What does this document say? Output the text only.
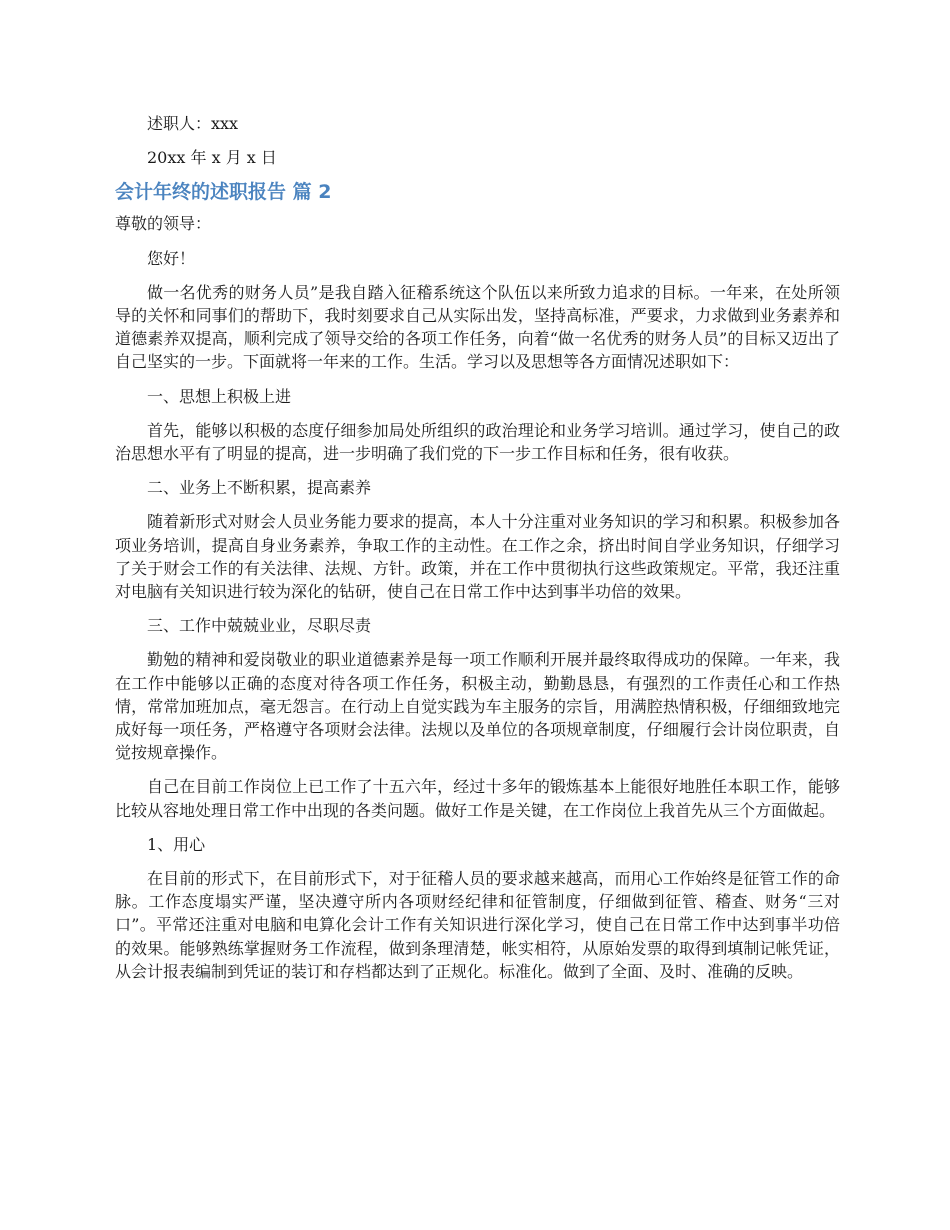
述职人：xxx

20xx 年 x 月 x 日

会计年终的述职报告 篇 2

尊敬的领导：

您好！

做一名优秀的财务人员”是我自踏入征稽系统这个队伍以来所致力追求的目标。一年来，在处所领导的关怀和同事们的帮助下，我时刻要求自己从实际出发，坚持高标准，严要求，力求做到业务素养和道德素养双提高，顺利完成了领导交给的各项工作任务，向着“做一名优秀的财务人员”的目标又迈出了自己坚实的一步。下面就将一年来的工作。生活。学习以及思想等各方面情况述职如下：

一、思想上积极上进

首先，能够以积极的态度仔细参加局处所组织的政治理论和业务学习培训。通过学习，使自己的政治思想水平有了明显的提高，进一步明确了我们党的下一步工作目标和任务，很有收获。

二、业务上不断积累，提高素养

随着新形式对财会人员业务能力要求的提高，本人十分注重对业务知识的学习和积累。积极参加各项业务培训，提高自身业务素养，争取工作的主动性。在工作之余，挤出时间自学业务知识，仔细学习了关于财会工作的有关法律、法规、方针。政策，并在工作中贯彻执行这些政策规定。平常，我还注重对电脑有关知识进行较为深化的钻研，使自己在日常工作中达到事半功倍的效果。

三、工作中兢兢业业，尽职尽责

勤勉的精神和爱岗敬业的职业道德素养是每一项工作顺利开展并最终取得成功的保障。一年来，我在工作中能够以正确的态度对待各项工作任务，积极主动，勤勤恳恳，有强烈的工作责任心和工作热情，常常加班加点，毫无怨言。在行动上自觉实践为车主服务的宗旨，用满腔热情积极，仔细细致地完成好每一项任务，严格遵守各项财会法律。法规以及单位的各项规章制度，仔细履行会计岗位职责，自觉按规章操作。

自己在目前工作岗位上已工作了十五六年，经过十多年的锻炼基本上能很好地胜任本职工作，能够比较从容地处理日常工作中出现的各类问题。做好工作是关键，在工作岗位上我首先从三个方面做起。

1、用心

在目前的形式下，在目前形式下，对于征稽人员的要求越来越高，而用心工作始终是征管工作的命脉。工作态度塌实严谨，坚决遵守所内各项财经纪律和征管制度，仔细做到征管、稽查、财务“三对口”。平常还注重对电脑和电算化会计工作有关知识进行深化学习，使自己在日常工作中达到事半功倍的效果。能够熟练掌握财务工作流程，做到条理清楚，帐实相符，从原始发票的取得到填制记帐凭证，从会计报表编制到凭证的装订和存档都达到了正规化。标准化。做到了全面、及时、准确的反映。
